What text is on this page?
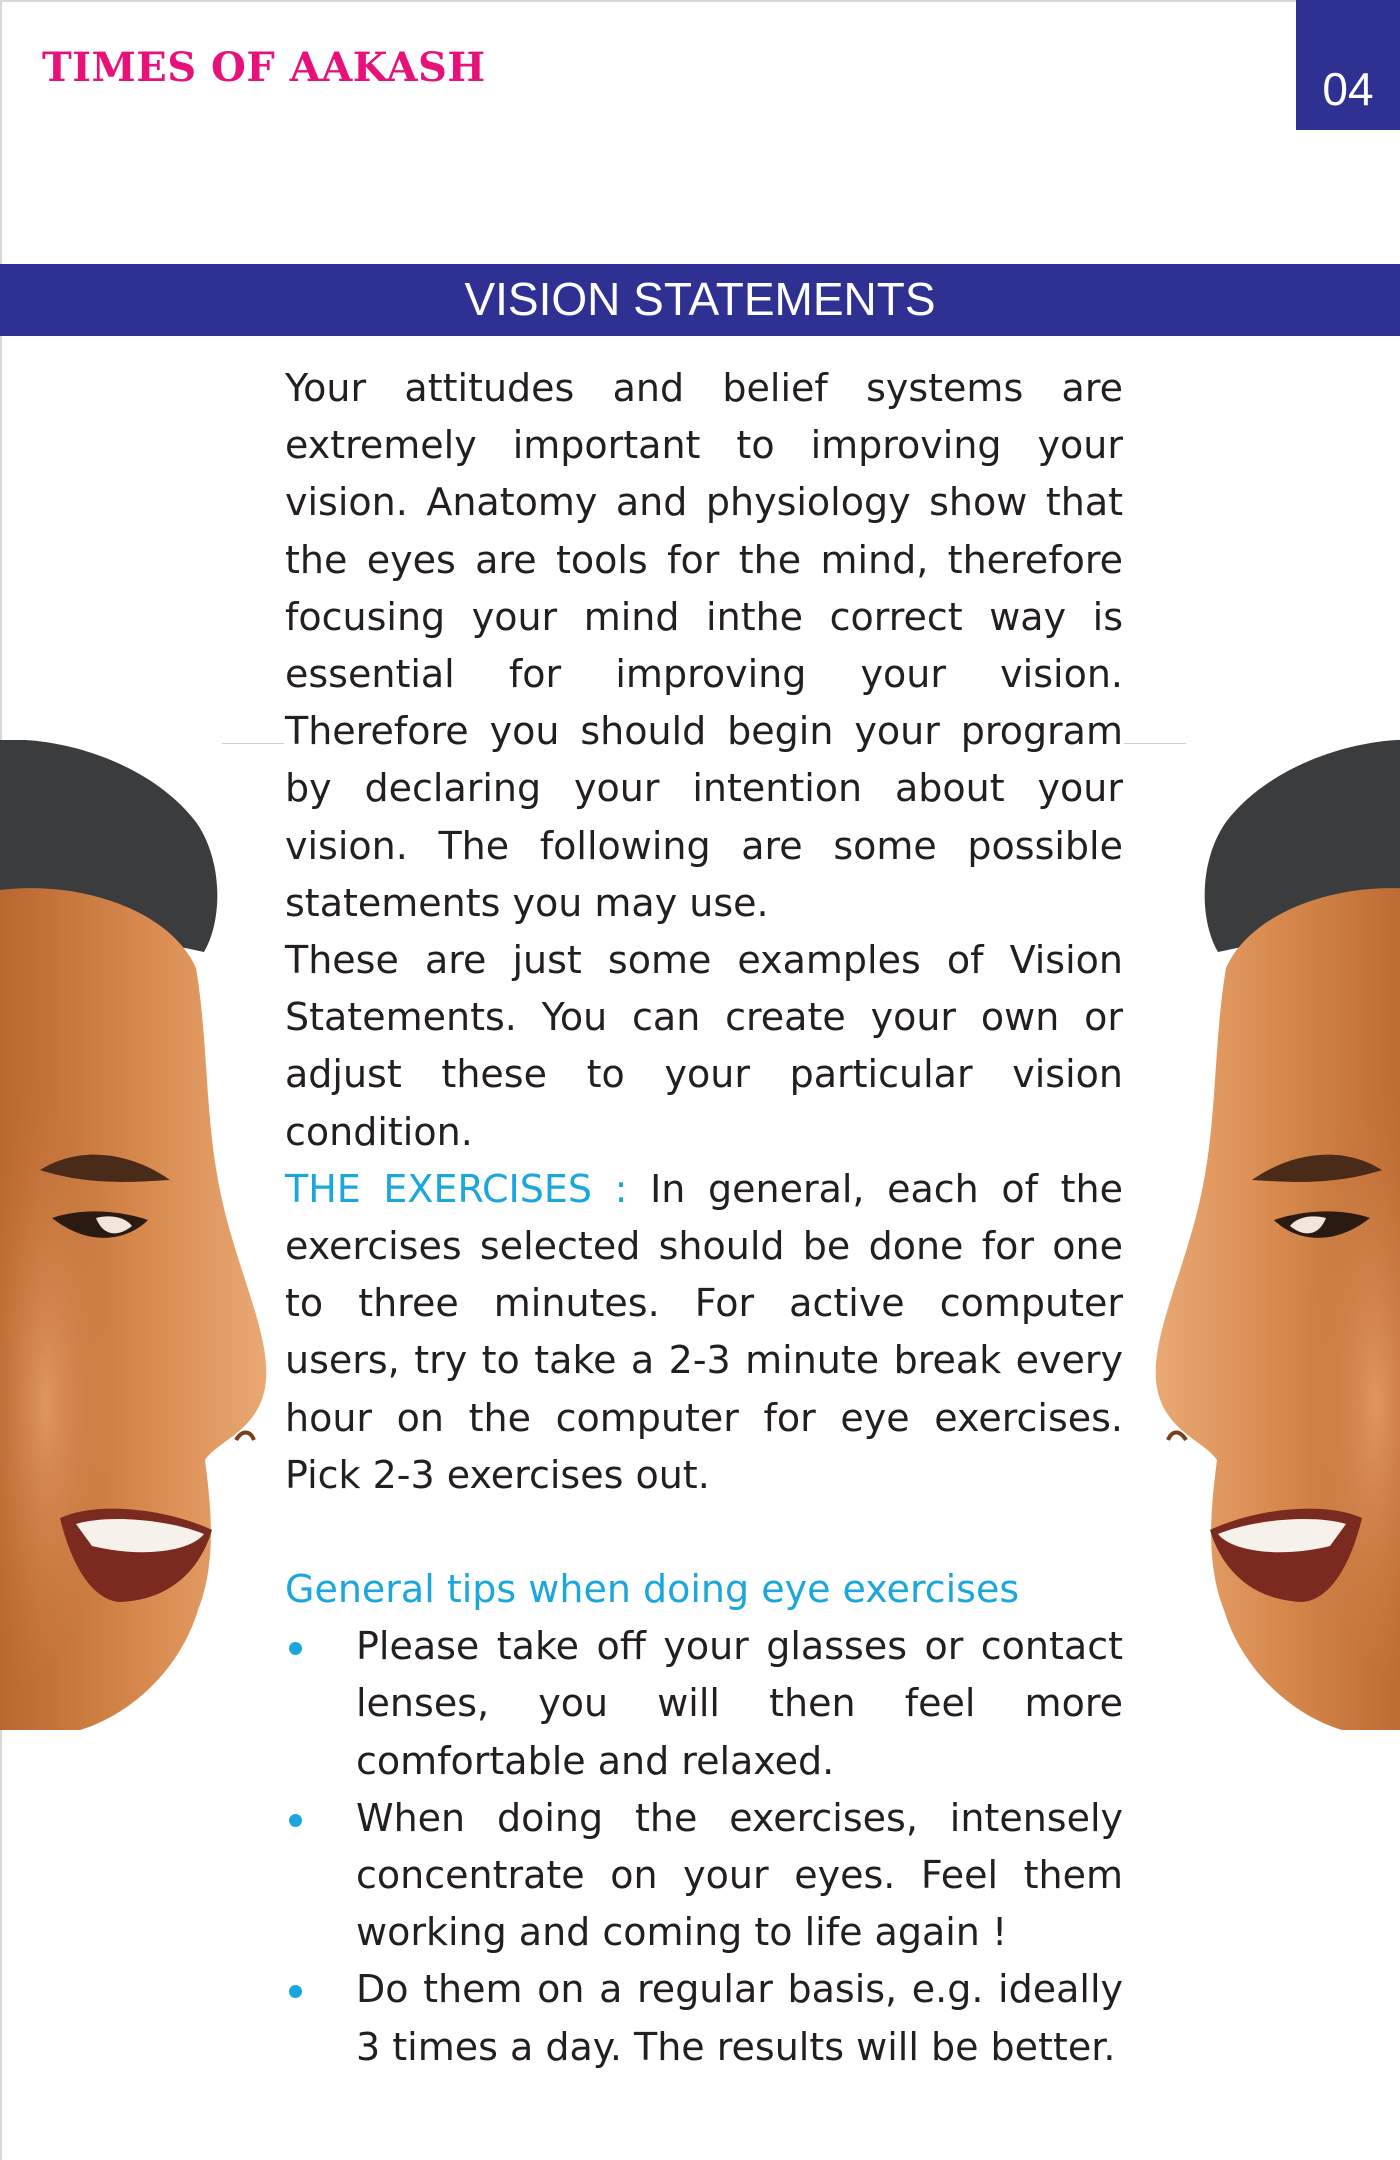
TIMES OF AAKASH	04
VISION STATEMENTS

Your attitudes and belief systems are extremely important to improving your vision. Anatomy and physiology show that the eyes are tools for the mind, therefore focusing your mind inthe correct way is essential for improving your vision. Therefore you should begin your program by declaring your intention about your vision. The following are some possible statements you may use.

These are just some examples of Vision Statements. You can create your own or adjust these to your particular vision condition.

THE EXERCISES : In general, each of the exercises selected should be done for one to three minutes. For active computer users, try to take a 2-3 minute break every hour on the computer for eye exercises. Pick 2-3 exercises out.

General tips when doing eye exercises

Please take off your glasses or contact lenses, you will then feel more comfortable and relaxed.
When doing the exercises, intensely concentrate on your eyes. Feel them working and coming to life again !
Do them on a regular basis, e.g. ideally 3 times a day. The results will be better.
